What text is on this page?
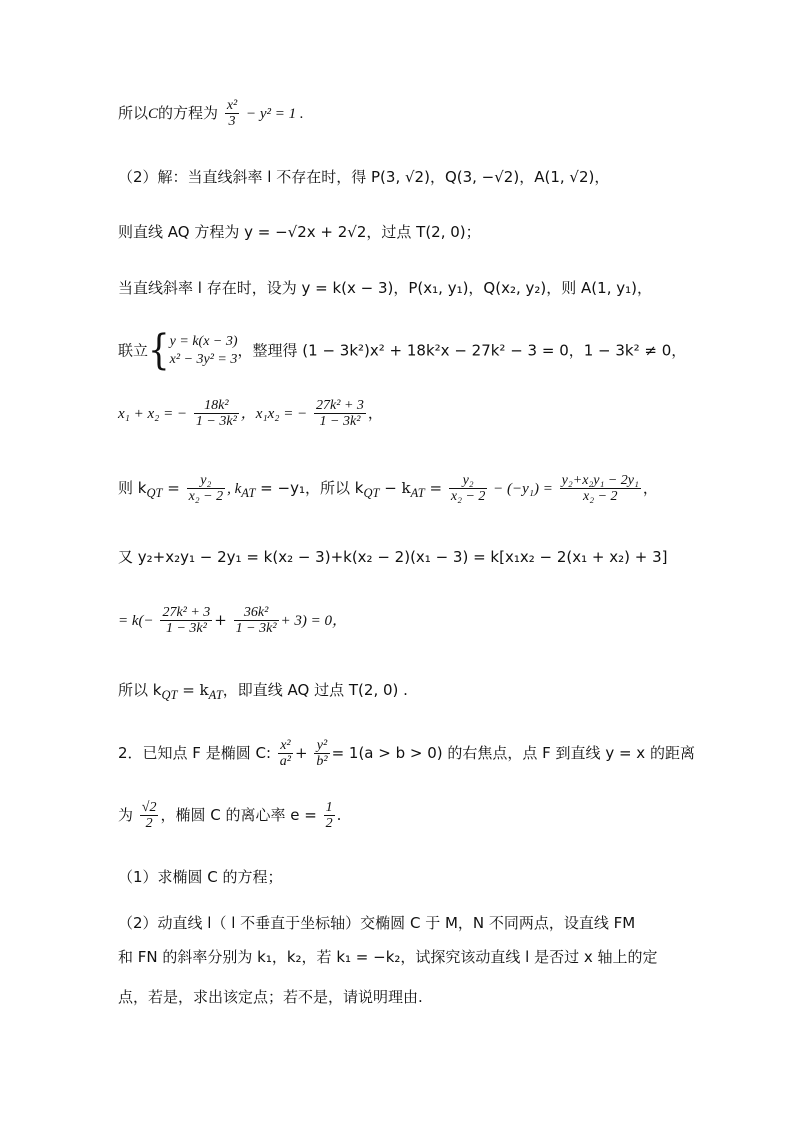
所以C的方程为 $\frac{\text{x²}}{3} - y^2 = 1$ .
（2）解：当直线斜率 l 不存在时，得 P(3, √2)，Q(3, −√2)，A(1, √2)，
则直线 AQ 方程为 y = −√2x + 2√2，过点 T(2, 0)；
当直线斜率 l 存在时，设为 y = k(x − 3)，P(x₁, y₁)，Q(x₂, y₂)，则 A(1, y₁)，
联立{ y = k(x − 3)
x² − 3y² = 3 ，整理得 (1 − 3k²)x² + 18k²x − 27k² − 3 = 0，1 − 3k² ≠ 0，
x₁ + x₂ = − $\frac{\text{18k²}}{\text{1 − 3k²}}$ ，x₁x₂ = − $\frac{\text{27k² + 3}}{\text{1 − 3k²}}$ ，
则 $k_{QT} = \frac{\text{y₂}}{\text{x₂ − 2}}$ , $k_{AT} = -y_1$，所以 $k_{QT} - k_{AT} = \frac{\text{y₂}}{\text{x₂ − 2}} - (-y_1) = \frac{\text{y₂+x₂y₁ − 2y₁}}{\text{x₂ − 2}}$ ，
又 y₂+x₂y₁ − 2y₁ = k(x₂ − 3)+k(x₂ − 2)(x₁ − 3) = k[x₁x₂ − 2(x₁ + x₂) + 3]
= $k(- \frac{\text{27k² + 3}}{\text{1 − 3k²}} + \frac{\text{36k²}}{\text{1 − 3k²}} + 3) = 0$，
所以 $k_{QT} = k_{AT}$，即直线 AQ 过点 T(2, 0) .
2．已知点 F 是椭圆 C: $\frac{\text{x²}}{\text{a²}} + \frac{\text{y²}}{\text{b²}} = 1(a > b > 0)$ 的右焦点，点 F 到直线 y = x 的距离
为 $\frac{√2}{2}$ ，椭圆 C 的离心率 $e = \frac{1}{2}$ .
（1）求椭圆 C 的方程；
（2）动直线 l（ l 不垂直于坐标轴）交椭圆 C 于 M，N 不同两点，设直线 FM
和 FN 的斜率分别为 k₁，k₂，若 k₁ = −k₂，试探究该动直线 l 是否过 x 轴上的定
点，若是，求出该定点；若不是，请说明理由.
